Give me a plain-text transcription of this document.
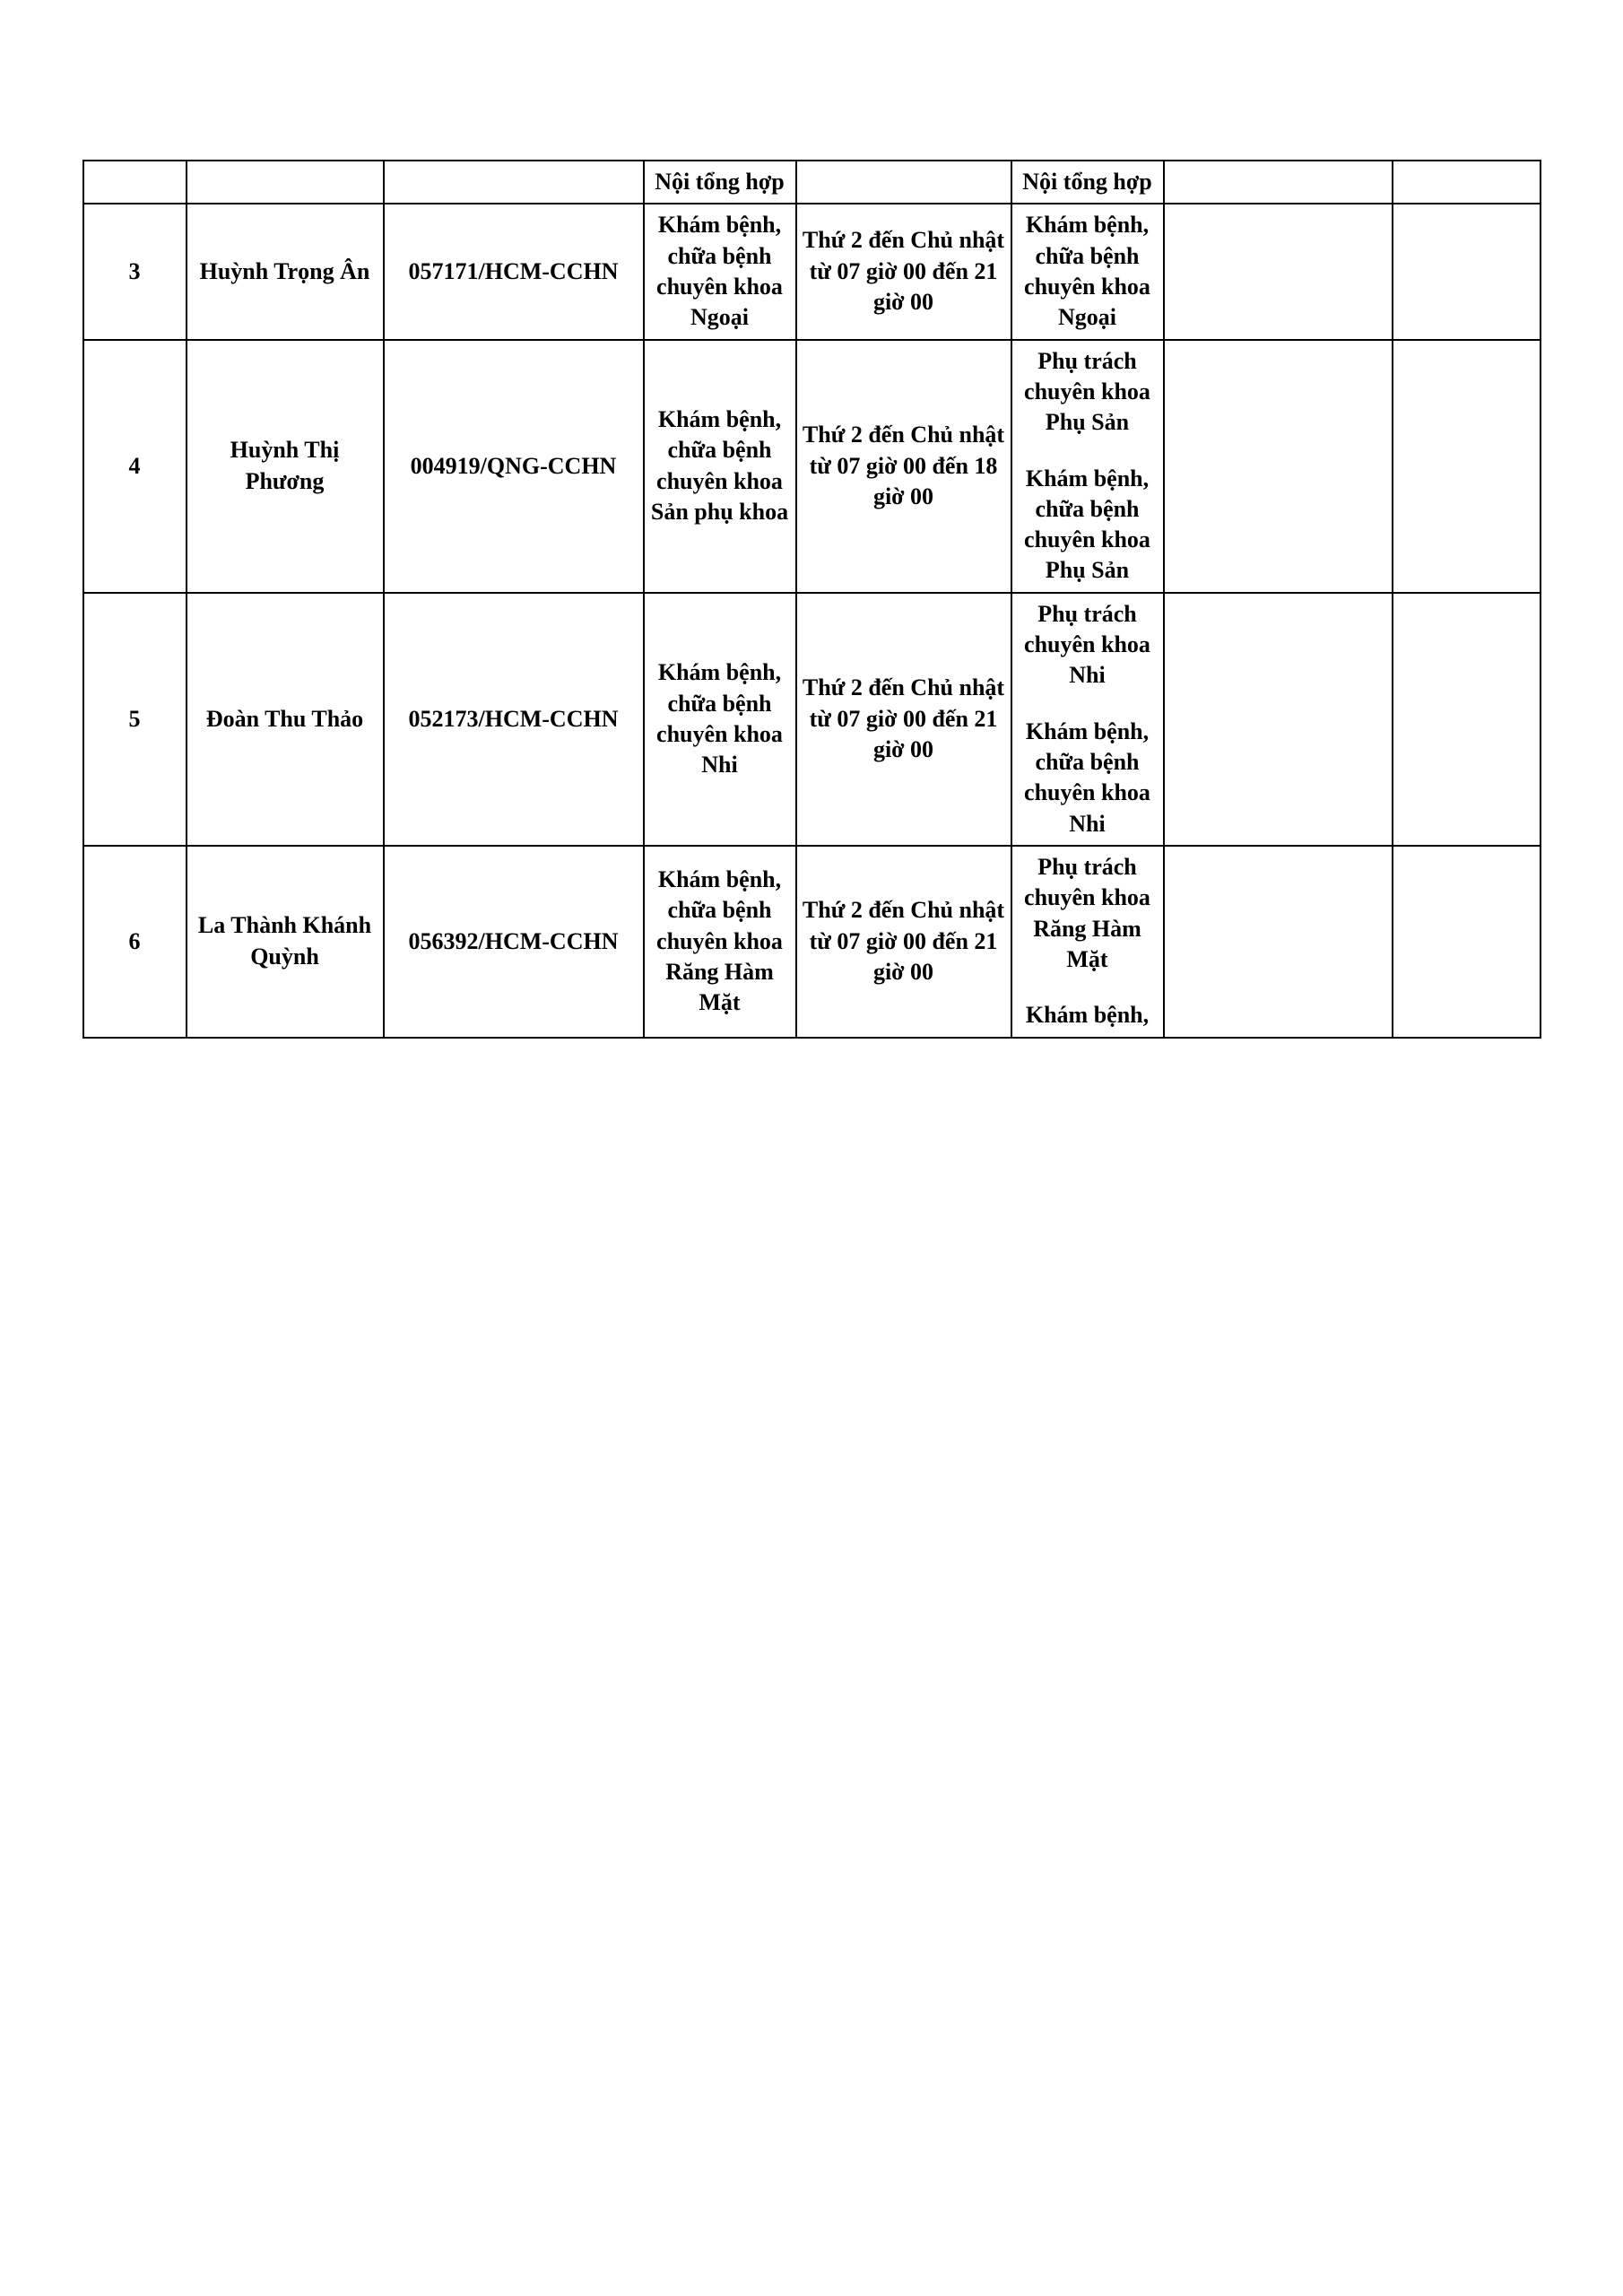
			Nội tổng hợp		Nội tổng hợp		
3	Huỳnh Trọng Ân	057171/HCM-CCHN	Khám bệnh, chữa bệnh chuyên khoa Ngoại	Thứ 2 đến Chủ nhật từ 07 giờ 00 đến 21 giờ 00	Khám bệnh, chữa bệnh chuyên khoa Ngoại		
4	Huỳnh Thị Phương	004919/QNG-CCHN	Khám bệnh, chữa bệnh chuyên khoa Sản phụ khoa	Thứ 2 đến Chủ nhật từ 07 giờ 00 đến 18 giờ 00	Phụ trách chuyên khoa Phụ Sản
Khám bệnh, chữa bệnh chuyên khoa Phụ Sản		

5	Đoàn Thu Thảo	052173/HCM-CCHN	Khám bệnh, chữa bệnh chuyên khoa Nhi	Thứ 2 đến Chủ nhật từ 07 giờ 00 đến 21 giờ 00	Phụ trách chuyên khoa Nhi
Khám bệnh, chữa bệnh chuyên khoa Nhi		

6	La Thành Khánh Quỳnh	056392/HCM-CCHN	Khám bệnh, chữa bệnh chuyên khoa Răng Hàm Mặt	Thứ 2 đến Chủ nhật từ 07 giờ 00 đến 21 giờ 00	Phụ trách chuyên khoa Răng Hàm Mặt
Khám bệnh,		
